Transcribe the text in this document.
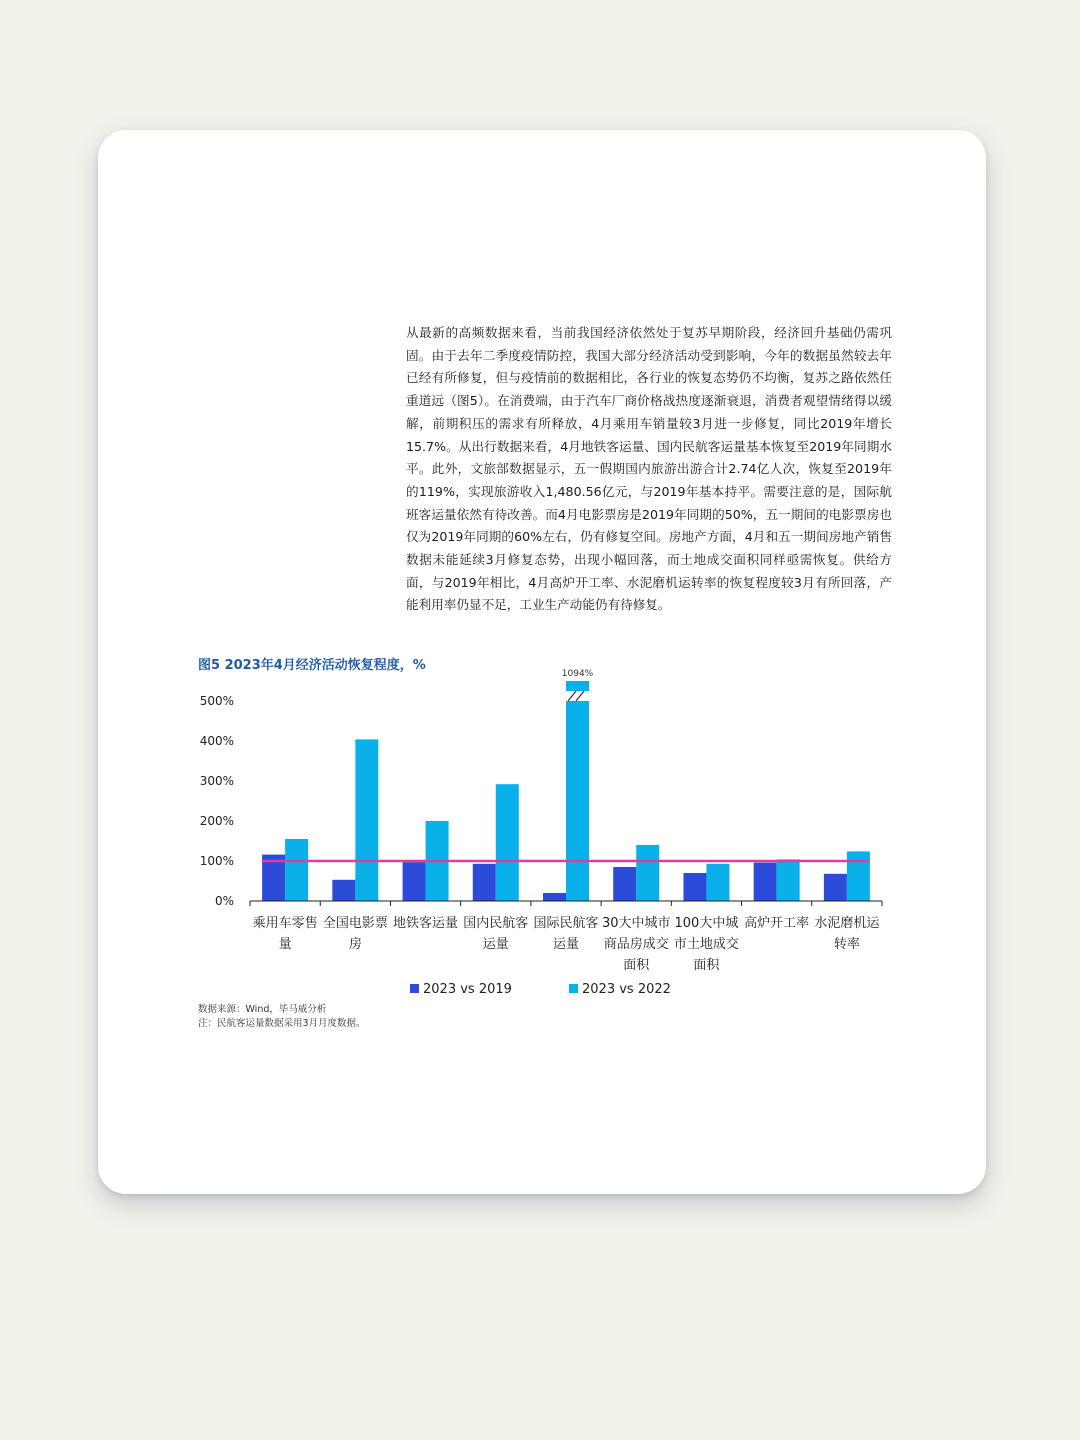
从最新的高频数据来看，当前我国经济依然处于复苏早期阶段，经济回升基础仍需巩固。由于去年二季度疫情防控，我国大部分经济活动受到影响，今年的数据虽然较去年已经有所修复，但与疫情前的数据相比，各行业的恢复态势仍不均衡，复苏之路依然任重道远（图5）。在消费端，由于汽车厂商价格战热度逐渐衰退，消费者观望情绪得以缓解，前期积压的需求有所释放，4月乘用车销量较3月进一步修复，同比2019年增长15.7%。从出行数据来看，4月地铁客运量、国内民航客运量基本恢复至2019年同期水平。此外，文旅部数据显示，五一假期国内旅游出游合计2.74亿人次，恢复至2019年的119%，实现旅游收入1,480.56亿元，与2019年基本持平。需要注意的是，国际航班客运量依然有待改善。而4月电影票房是2019年同期的50%，五一期间的电影票房也仅为2019年同期的60%左右，仍有修复空间。房地产方面，4月和五一期间房地产销售数据未能延续3月修复态势，出现小幅回落，而土地成交面积同样亟需恢复。供给方面，与2019年相比，4月高炉开工率、水泥磨机运转率的恢复程度较3月有所回落，产能利用率仍显不足，工业生产动能仍有待修复。

图5 2023年4月经济活动恢复程度，%
0%
100%
200%
300%
400%
500%
1094%
乘用车零售量
全国电影票房
地铁客运量 国内民航客运量
国际民航客运量
30大中城市商品房成交面积
100大中城市土地成交面积
高炉开工率 水泥磨机运转率
2023 vs 2019	2023 vs 2022
数据来源：Wind，毕马威分析
注：民航客运量数据采用3月月度数据。
